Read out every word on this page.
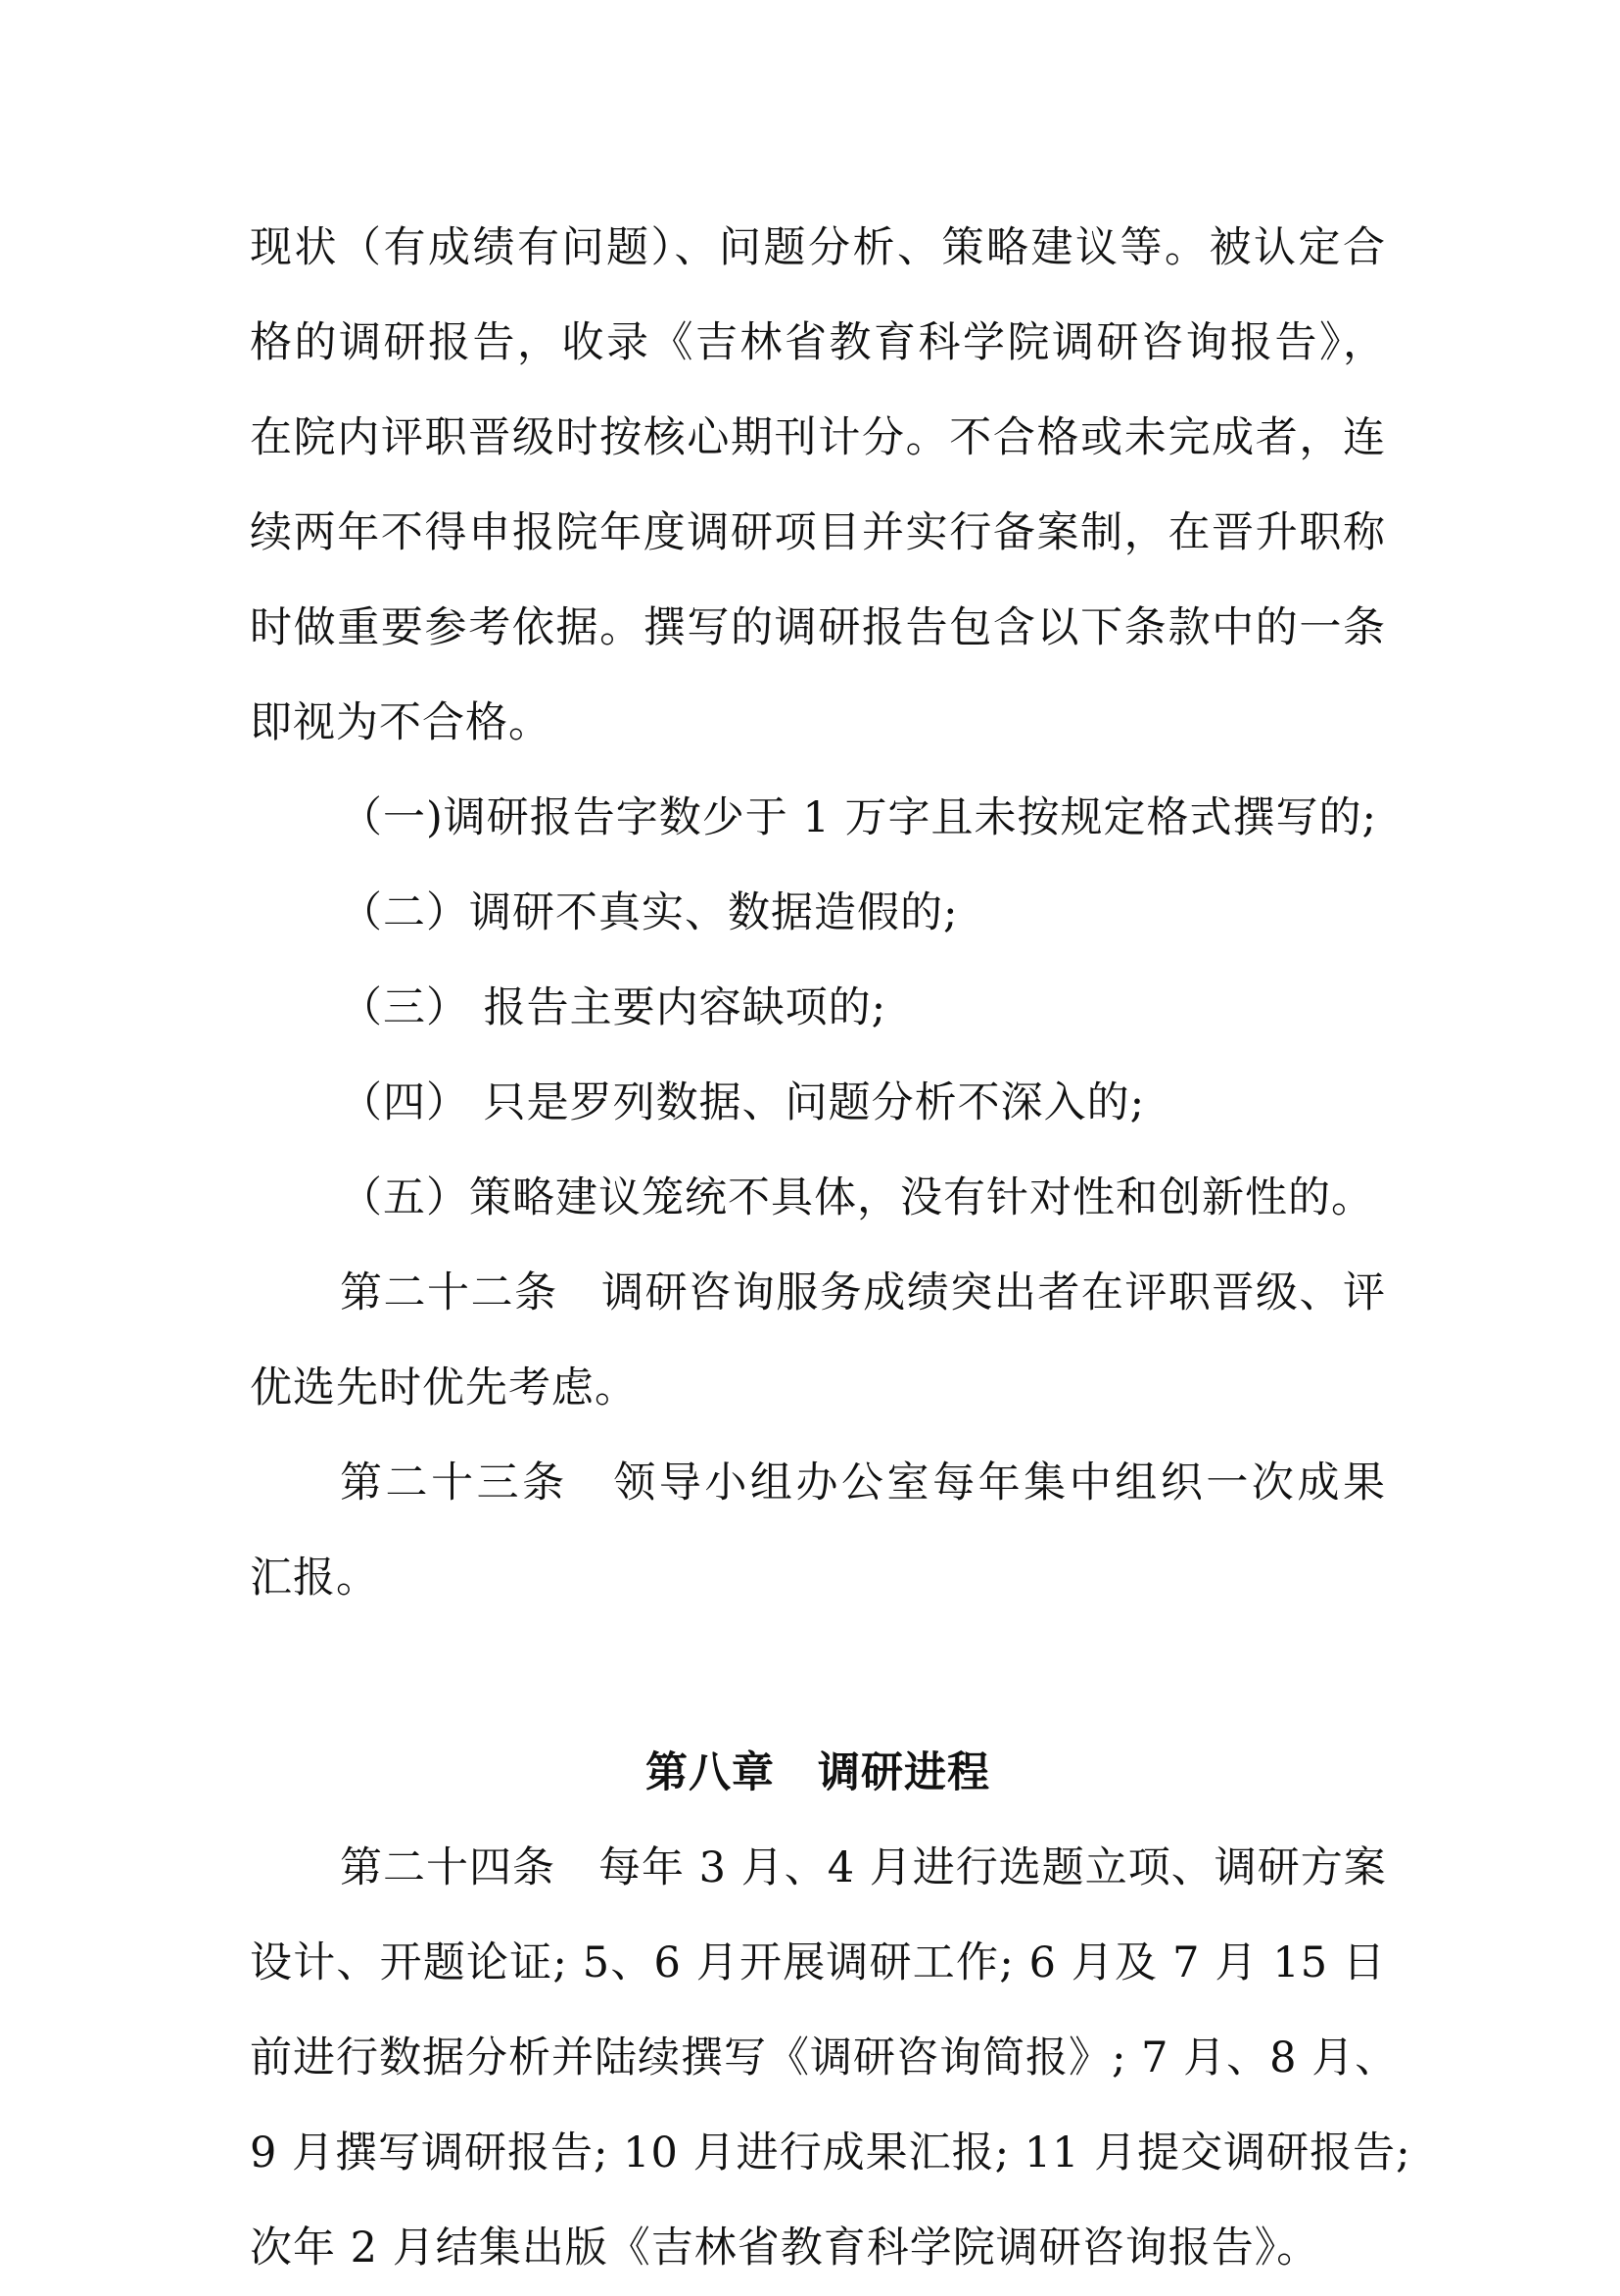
现状（有成绩有问题）、问题分析、策略建议等。被认定合
格的调研报告，收录《吉林省教育科学院调研咨询报告》，
在院内评职晋级时按核心期刊计分。不合格或未完成者，连
续两年不得申报院年度调研项目并实行备案制，在晋升职称
时做重要参考依据。撰写的调研报告包含以下条款中的一条
即视为不合格。
（一)调研报告字数少于 1 万字且未按规定格式撰写的;
（二）调研不真实、数据造假的;
（三） 报告主要内容缺项的;
（四） 只是罗列数据、问题分析不深入的;
（五）策略建议笼统不具体，没有针对性和创新性的。
第二十二条　调研咨询服务成绩突出者在评职晋级、评
优选先时优先考虑。
第二十三条　领导小组办公室每年集中组织一次成果
汇报。
第八章　调研进程
第二十四条　每年 3 月、4 月进行选题立项、调研方案
设计、开题论证; 5、6 月开展调研工作; 6 月及 7 月 15 日
前进行数据分析并陆续撰写《调研咨询简报》; 7 月、8 月、
9 月撰写调研报告; 10 月进行成果汇报; 11 月提交调研报告;
次年 2 月结集出版《吉林省教育科学院调研咨询报告》。
